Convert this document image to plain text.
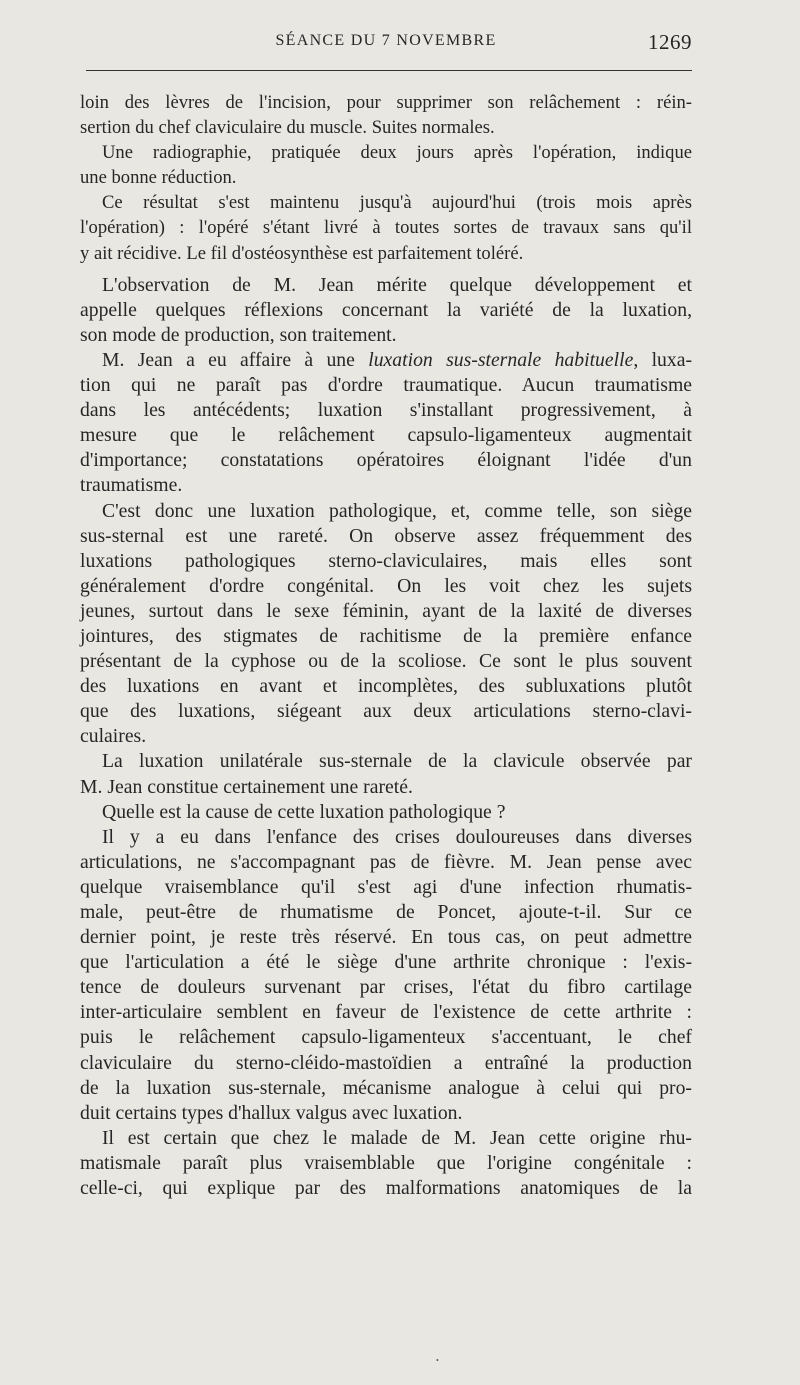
SÉANCE DU 7 NOVEMBRE	1269
loin des lèvres de l'incision, pour supprimer son relâchement : réin-
sertion du chef claviculaire du muscle. Suites normales.
Une radiographie, pratiquée deux jours après l'opération, indique
une bonne réduction.
Ce résultat s'est maintenu jusqu'à aujourd'hui (trois mois après
l'opération) : l'opéré s'étant livré à toutes sortes de travaux sans qu'il
y ait récidive. Le fil d'ostéosynthèse est parfaitement toléré.
L'observation de M. Jean mérite quelque développement et
appelle quelques réflexions concernant la variété de la luxation,
son mode de production, son traitement.
M. Jean a eu affaire à une luxation sus-sternale habituelle, luxa-
tion qui ne paraît pas d'ordre traumatique. Aucun traumatisme
dans les antécédents; luxation s'installant progressivement, à
mesure que le relâchement capsulo-ligamenteux augmentait
d'importance; constatations opératoires éloignant l'idée d'un
traumatisme.
C'est donc une luxation pathologique, et, comme telle, son siège
sus-sternal est une rareté. On observe assez fréquemment des
luxations pathologiques sterno-claviculaires, mais elles sont
généralement d'ordre congénital. On les voit chez les sujets
jeunes, surtout dans le sexe féminin, ayant de la laxité de diverses
jointures, des stigmates de rachitisme de la première enfance
présentant de la cyphose ou de la scoliose. Ce sont le plus souvent
des luxations en avant et incomplètes, des subluxations plutôt
que des luxations, siégeant aux deux articulations sterno-clavi-
culaires.
La luxation unilatérale sus-sternale de la clavicule observée par
M. Jean constitue certainement une rareté.
Quelle est la cause de cette luxation pathologique ?
Il y a eu dans l'enfance des crises douloureuses dans diverses
articulations, ne s'accompagnant pas de fièvre. M. Jean pense avec
quelque vraisemblance qu'il s'est agi d'une infection rhumatis-
male, peut-être de rhumatisme de Poncet, ajoute-t-il. Sur ce
dernier point, je reste très réservé. En tous cas, on peut admettre
que l'articulation a été le siège d'une arthrite chronique : l'exis-
tence de douleurs survenant par crises, l'état du fibro cartilage
inter-articulaire semblent en faveur de l'existence de cette arthrite :
puis le relâchement capsulo-ligamenteux s'accentuant, le chef
claviculaire du sterno-cléido-mastoïdien a entraîné la production
de la luxation sus-sternale, mécanisme analogue à celui qui pro-
duit certains types d'hallux valgus avec luxation.
Il est certain que chez le malade de M. Jean cette origine rhu-
matismale paraît plus vraisemblable que l'origine congénitale :
celle-ci, qui explique par des malformations anatomiques de la
•
